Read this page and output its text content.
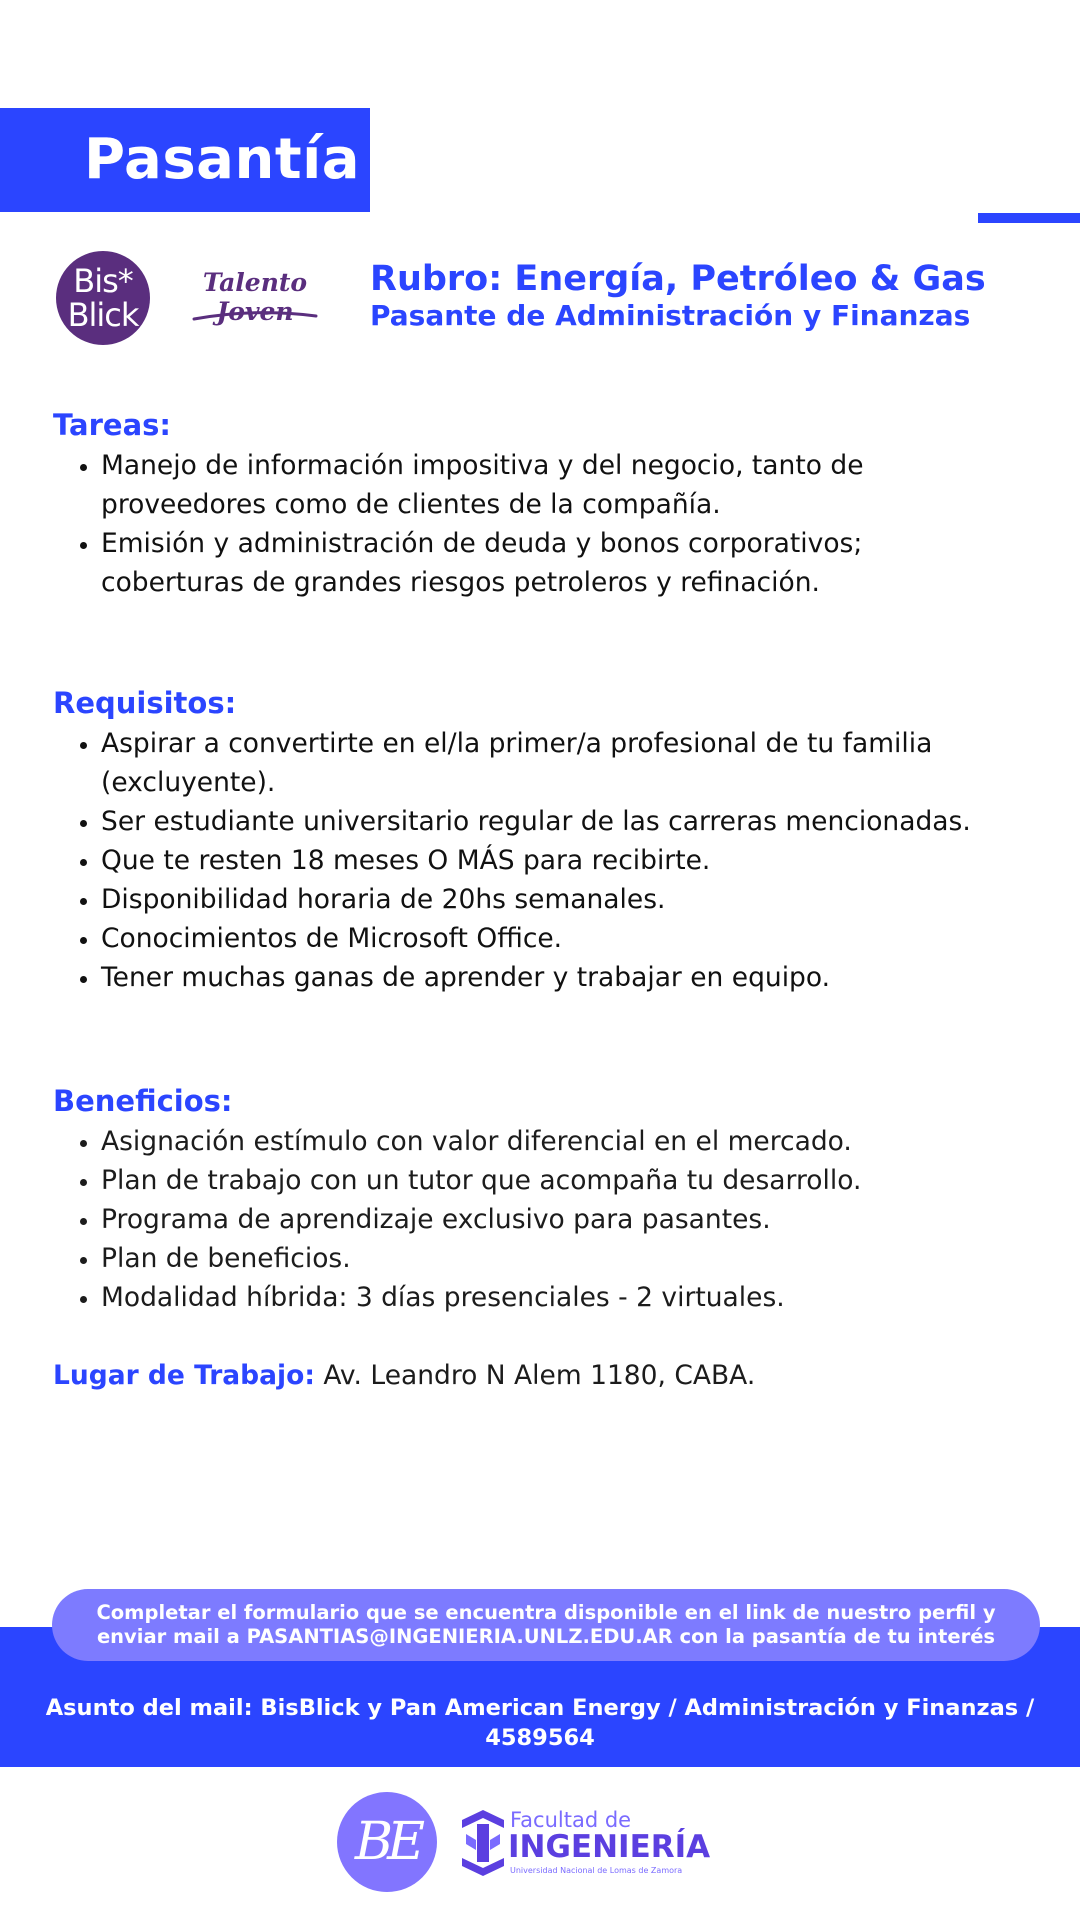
Pasantía
Bis*
Blick
Talento Joven
Rubro: Energía, Petróleo & Gas
Pasante de Administración y Finanzas
Tareas:
• Manejo de información impositiva y del negocio, tanto de proveedores como de clientes de la compañía.
• Emisión y administración de deuda y bonos corporativos; coberturas de grandes riesgos petroleros y refinación.
Requisitos:
• Aspirar a convertirte en el/la primer/a profesional de tu familia (excluyente).
• Ser estudiante universitario regular de las carreras mencionadas.
• Que te resten 18 meses O MÁS para recibirte.
• Disponibilidad horaria de 20hs semanales.
• Conocimientos de Microsoft Office.
• Tener muchas ganas de aprender y trabajar en equipo.
Beneficios:
• Asignación estímulo con valor diferencial en el mercado.
• Plan de trabajo con un tutor que acompaña tu desarrollo.
• Programa de aprendizaje exclusivo para pasantes.
• Plan de beneficios.
• Modalidad híbrida: 3 días presenciales - 2 virtuales.
Lugar de Trabajo: Av. Leandro N Alem 1180, CABA.
Completar el formulario que se encuentra disponible en el link de nuestro perfil y enviar mail a PASANTIAS@INGENIERIA.UNLZ.EDU.AR con la pasantía de tu interés
Asunto del mail: BisBlick y Pan American Energy / Administración y Finanzas / 4589564
BE	Facultad de
INGENIERÍA
Universidad Nacional de Lomas de Zamora
